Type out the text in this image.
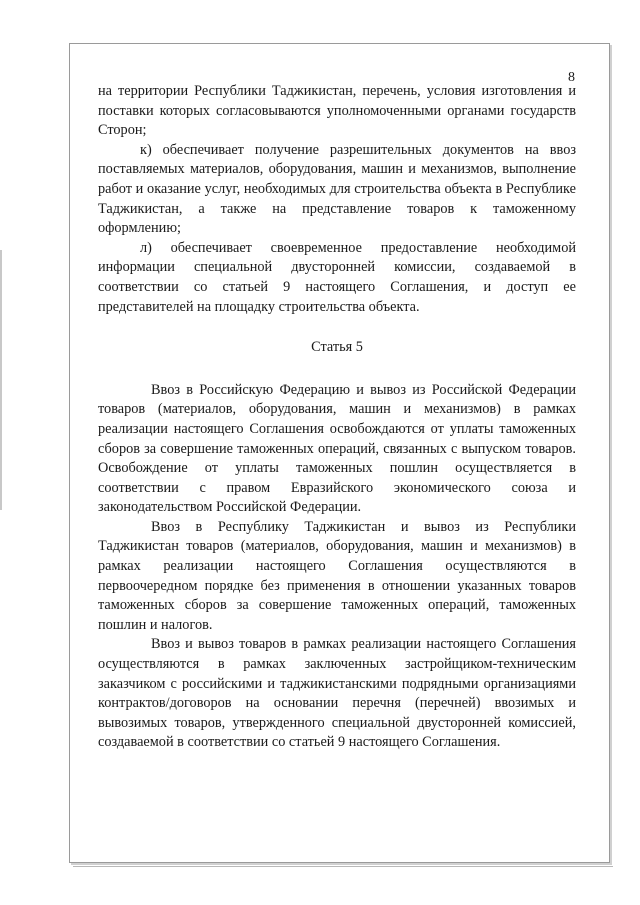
8

на территории Республики Таджикистан, перечень, условия изготовления и поставки которых согласовываются уполномоченными органами государств Сторон;

к) обеспечивает получение разрешительных документов на ввоз поставляемых материалов, оборудования, машин и механизмов, выполнение работ и оказание услуг, необходимых для строительства объекта в Республике Таджикистан, а также на представление товаров к таможенному оформлению;

л) обеспечивает своевременное предоставление необходимой информации специальной двусторонней комиссии, создаваемой в соответствии со статьей 9 настоящего Соглашения, и доступ ее представителей на площадку строительства объекта.

Статья 5

Ввоз в Российскую Федерацию и вывоз из Российской Федерации товаров (материалов, оборудования, машин и механизмов) в рамках реализации настоящего Соглашения освобождаются от уплаты таможенных сборов за совершение таможенных операций, связанных с выпуском товаров. Освобождение от уплаты таможенных пошлин осуществляется в соответствии с правом Евразийского экономического союза и законодательством Российской Федерации.

Ввоз в Республику Таджикистан и вывоз из Республики Таджикистан товаров (материалов, оборудования, машин и механизмов) в рамках реализации настоящего Соглашения осуществляются в первоочередном порядке без применения в отношении указанных товаров таможенных сборов за совершение таможенных операций, таможенных пошлин и налогов.

Ввоз и вывоз товаров в рамках реализации настоящего Соглашения осуществляются в рамках заключенных застройщиком-техническим заказчиком с российскими и таджикистанскими подрядными организациями контрактов/договоров на основании перечня (перечней) ввозимых и вывозимых товаров, утвержденного специальной двусторонней комиссией, создаваемой в соответствии со статьей 9 настоящего Соглашения.
